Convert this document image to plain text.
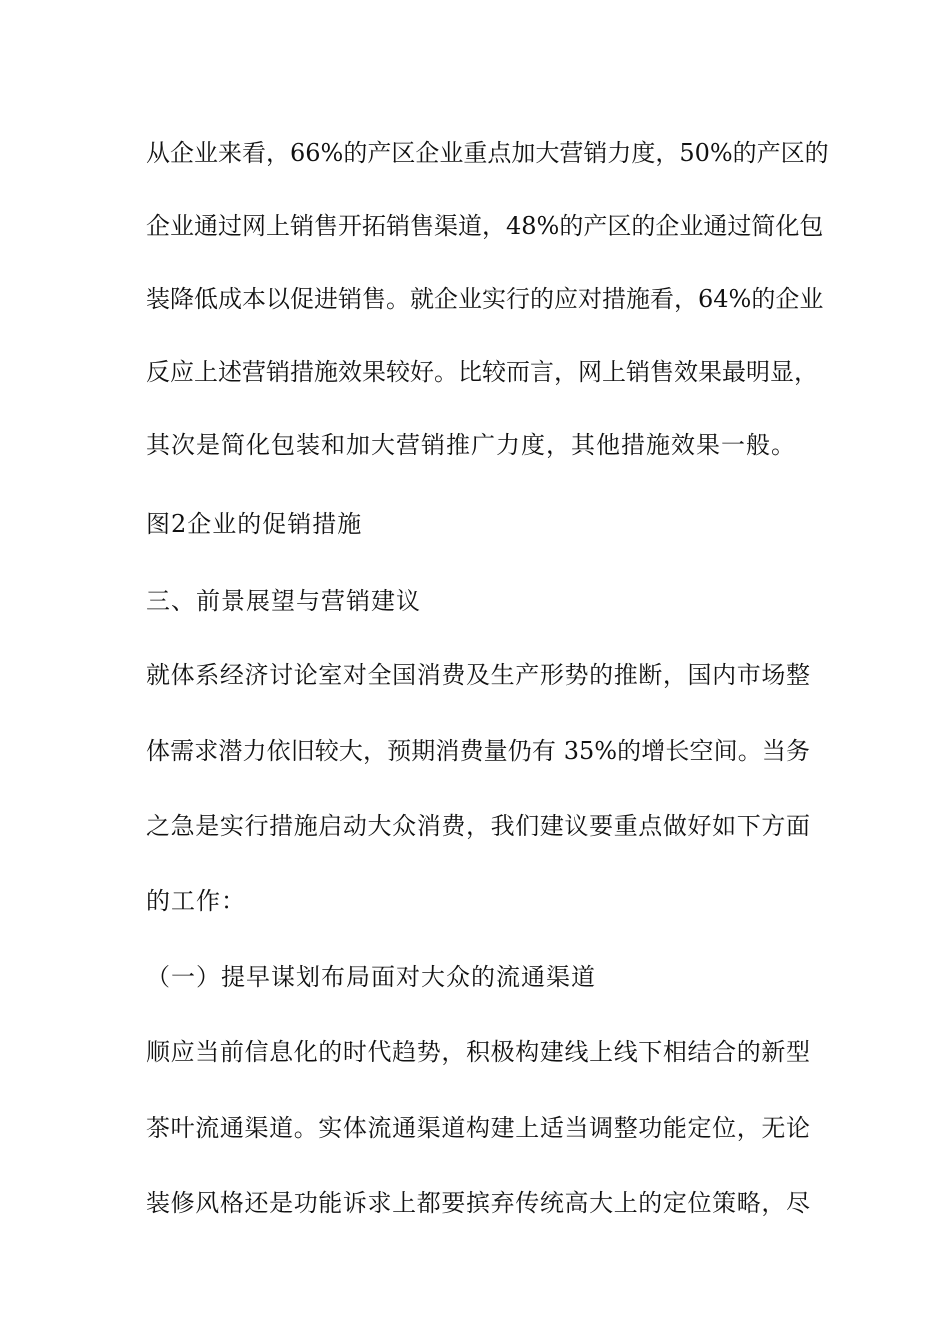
从企业来看，66%的产区企业重点加大营销力度，50%的产区的
企业通过网上销售开拓销售渠道，48%的产区的企业通过简化包
装降低成本以促进销售。就企业实行的应对措施看，64%的企业
反应上述营销措施效果较好。比较而言，网上销售效果最明显，
其次是简化包装和加大营销推广力度，其他措施效果一般。
图2企业的促销措施
三、前景展望与营销建议
就体系经济讨论室对全国消费及生产形势的推断，国内市场整
体需求潜力依旧较大，预期消费量仍有 35%的增长空间。当务
之急是实行措施启动大众消费，我们建议要重点做好如下方面
的工作：
（一）提早谋划布局面对大众的流通渠道
顺应当前信息化的时代趋势，积极构建线上线下相结合的新型
茶叶流通渠道。实体流通渠道构建上适当调整功能定位，无论
装修风格还是功能诉求上都要摈弃传统高大上的定位策略，尽
